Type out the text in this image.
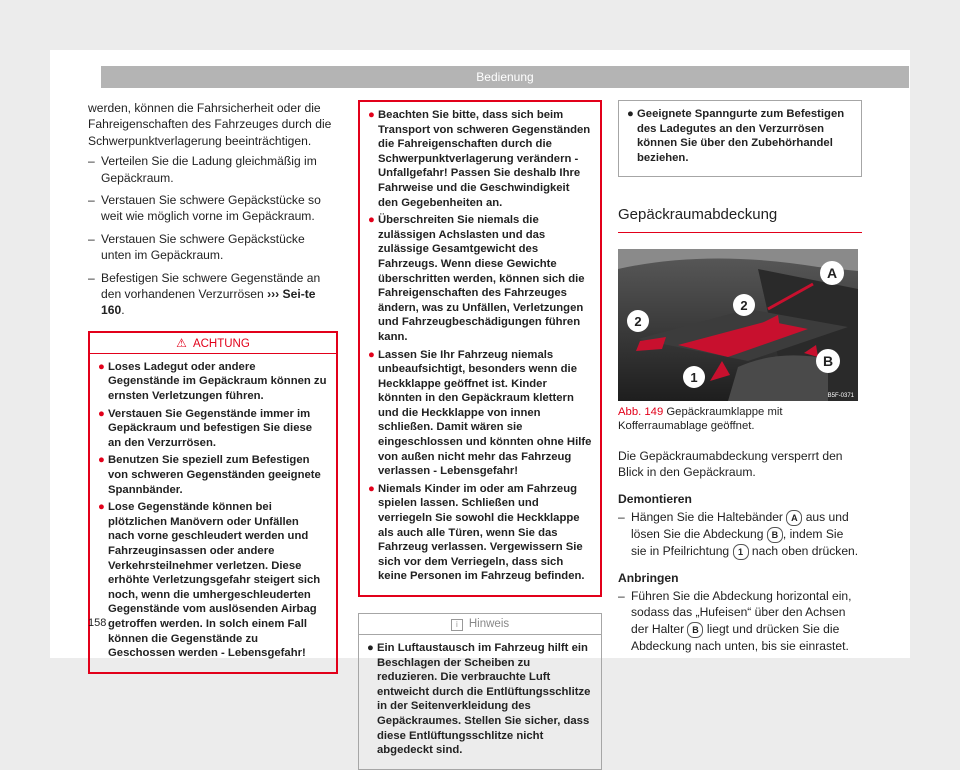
Bedienung

werden, können die Fahrsicherheit oder die Fahreigenschaften des Fahrzeuges durch die Schwerpunktverlagerung beeinträchtigen.

– Verteilen Sie die Ladung gleichmäßig im Gepäckraum.
– Verstauen Sie schwere Gepäckstücke so weit wie möglich vorne im Gepäckraum.
– Verstauen Sie schwere Gepäckstücke unten im Gepäckraum.
– Befestigen Sie schwere Gegenstände an den vorhandenen Verzurrösen ››› Sei-te 160.
⚠ ACHTUNG
● Loses Ladegut oder andere Gegenstände im Gepäckraum können zu ernsten Verletzungen führen.
● Verstauen Sie Gegenstände immer im Gepäckraum und befestigen Sie diese an den Verzurrösen.
● Benutzen Sie speziell zum Befestigen von schweren Gegenständen geeignete Spannbänder.
● Lose Gegenstände können bei plötzlichen Manövern oder Unfällen nach vorne geschleudert werden und Fahrzeuginsassen oder andere Verkehrsteilnehmer verletzen. Diese erhöhte Verletzungsgefahr steigert sich noch, wenn die umhergeschleuderten Gegenstände vom auslösenden Airbag getroffen werden. In solch einem Fall können die Gegenstände zu Geschossen werden - Lebensgefahr!
● Beachten Sie bitte, dass sich beim Transport von schweren Gegenständen die Fahreigenschaften durch die Schwerpunktverlagerung verändern - Unfallgefahr! Passen Sie deshalb Ihre Fahrweise und die Geschwindigkeit den Gegebenheiten an.
● Überschreiten Sie niemals die zulässigen Achslasten und das zulässige Gesamtgewicht des Fahrzeugs. Wenn diese Gewichte überschritten werden, können sich die Fahreigenschaften des Fahrzeuges ändern, was zu Unfällen, Verletzungen und Fahrzeugbeschädigungen führen kann.
● Lassen Sie Ihr Fahrzeug niemals unbeaufsichtigt, besonders wenn die Heckklappe geöffnet ist. Kinder könnten in den Gepäckraum klettern und die Heckklappe von innen schließen. Damit wären sie eingeschlossen und könnten ohne Hilfe von außen nicht mehr das Fahrzeug verlassen - Lebensgefahr!
● Niemals Kinder im oder am Fahrzeug spielen lassen. Schließen und verriegeln Sie sowohl die Heckklappe als auch alle Türen, wenn Sie das Fahrzeug verlassen. Vergewissern Sie sich vor dem Verriegeln, dass sich keine Personen im Fahrzeug befinden.
i Hinweis
● Ein Luftaustausch im Fahrzeug hilft ein Beschlagen der Scheiben zu reduzieren. Die verbrauchte Luft entweicht durch die Entlüftungsschlitze in der Seitenverkleidung des Gepäckraumes. Stellen Sie sicher, dass diese Entlüftungsschlitze nicht abgedeckt sind.
● Geeignete Spanngurte zum Befestigen des Ladegutes an den Verzurrösen können Sie über den Zubehörhandel beziehen.
Gepäckraumabdeckung
A
2
2
B
1
B5F-0371
Abb. 149 Gepäckraumklappe mit Kofferraumablage geöffnet.

Die Gepäckraumabdeckung versperrt den Blick in den Gepäckraum.

Demontieren
– Hängen Sie die Haltebänder A aus und lösen Sie die Abdeckung B , indem Sie sie in Pfeilrichtung 1 nach oben drücken.
Anbringen
– Führen Sie die Abdeckung horizontal ein, sodass das „Hufeisen“ über den Achsen der Halter B liegt und drücken Sie die Abdeckung nach unten, bis sie einrastet.
158
